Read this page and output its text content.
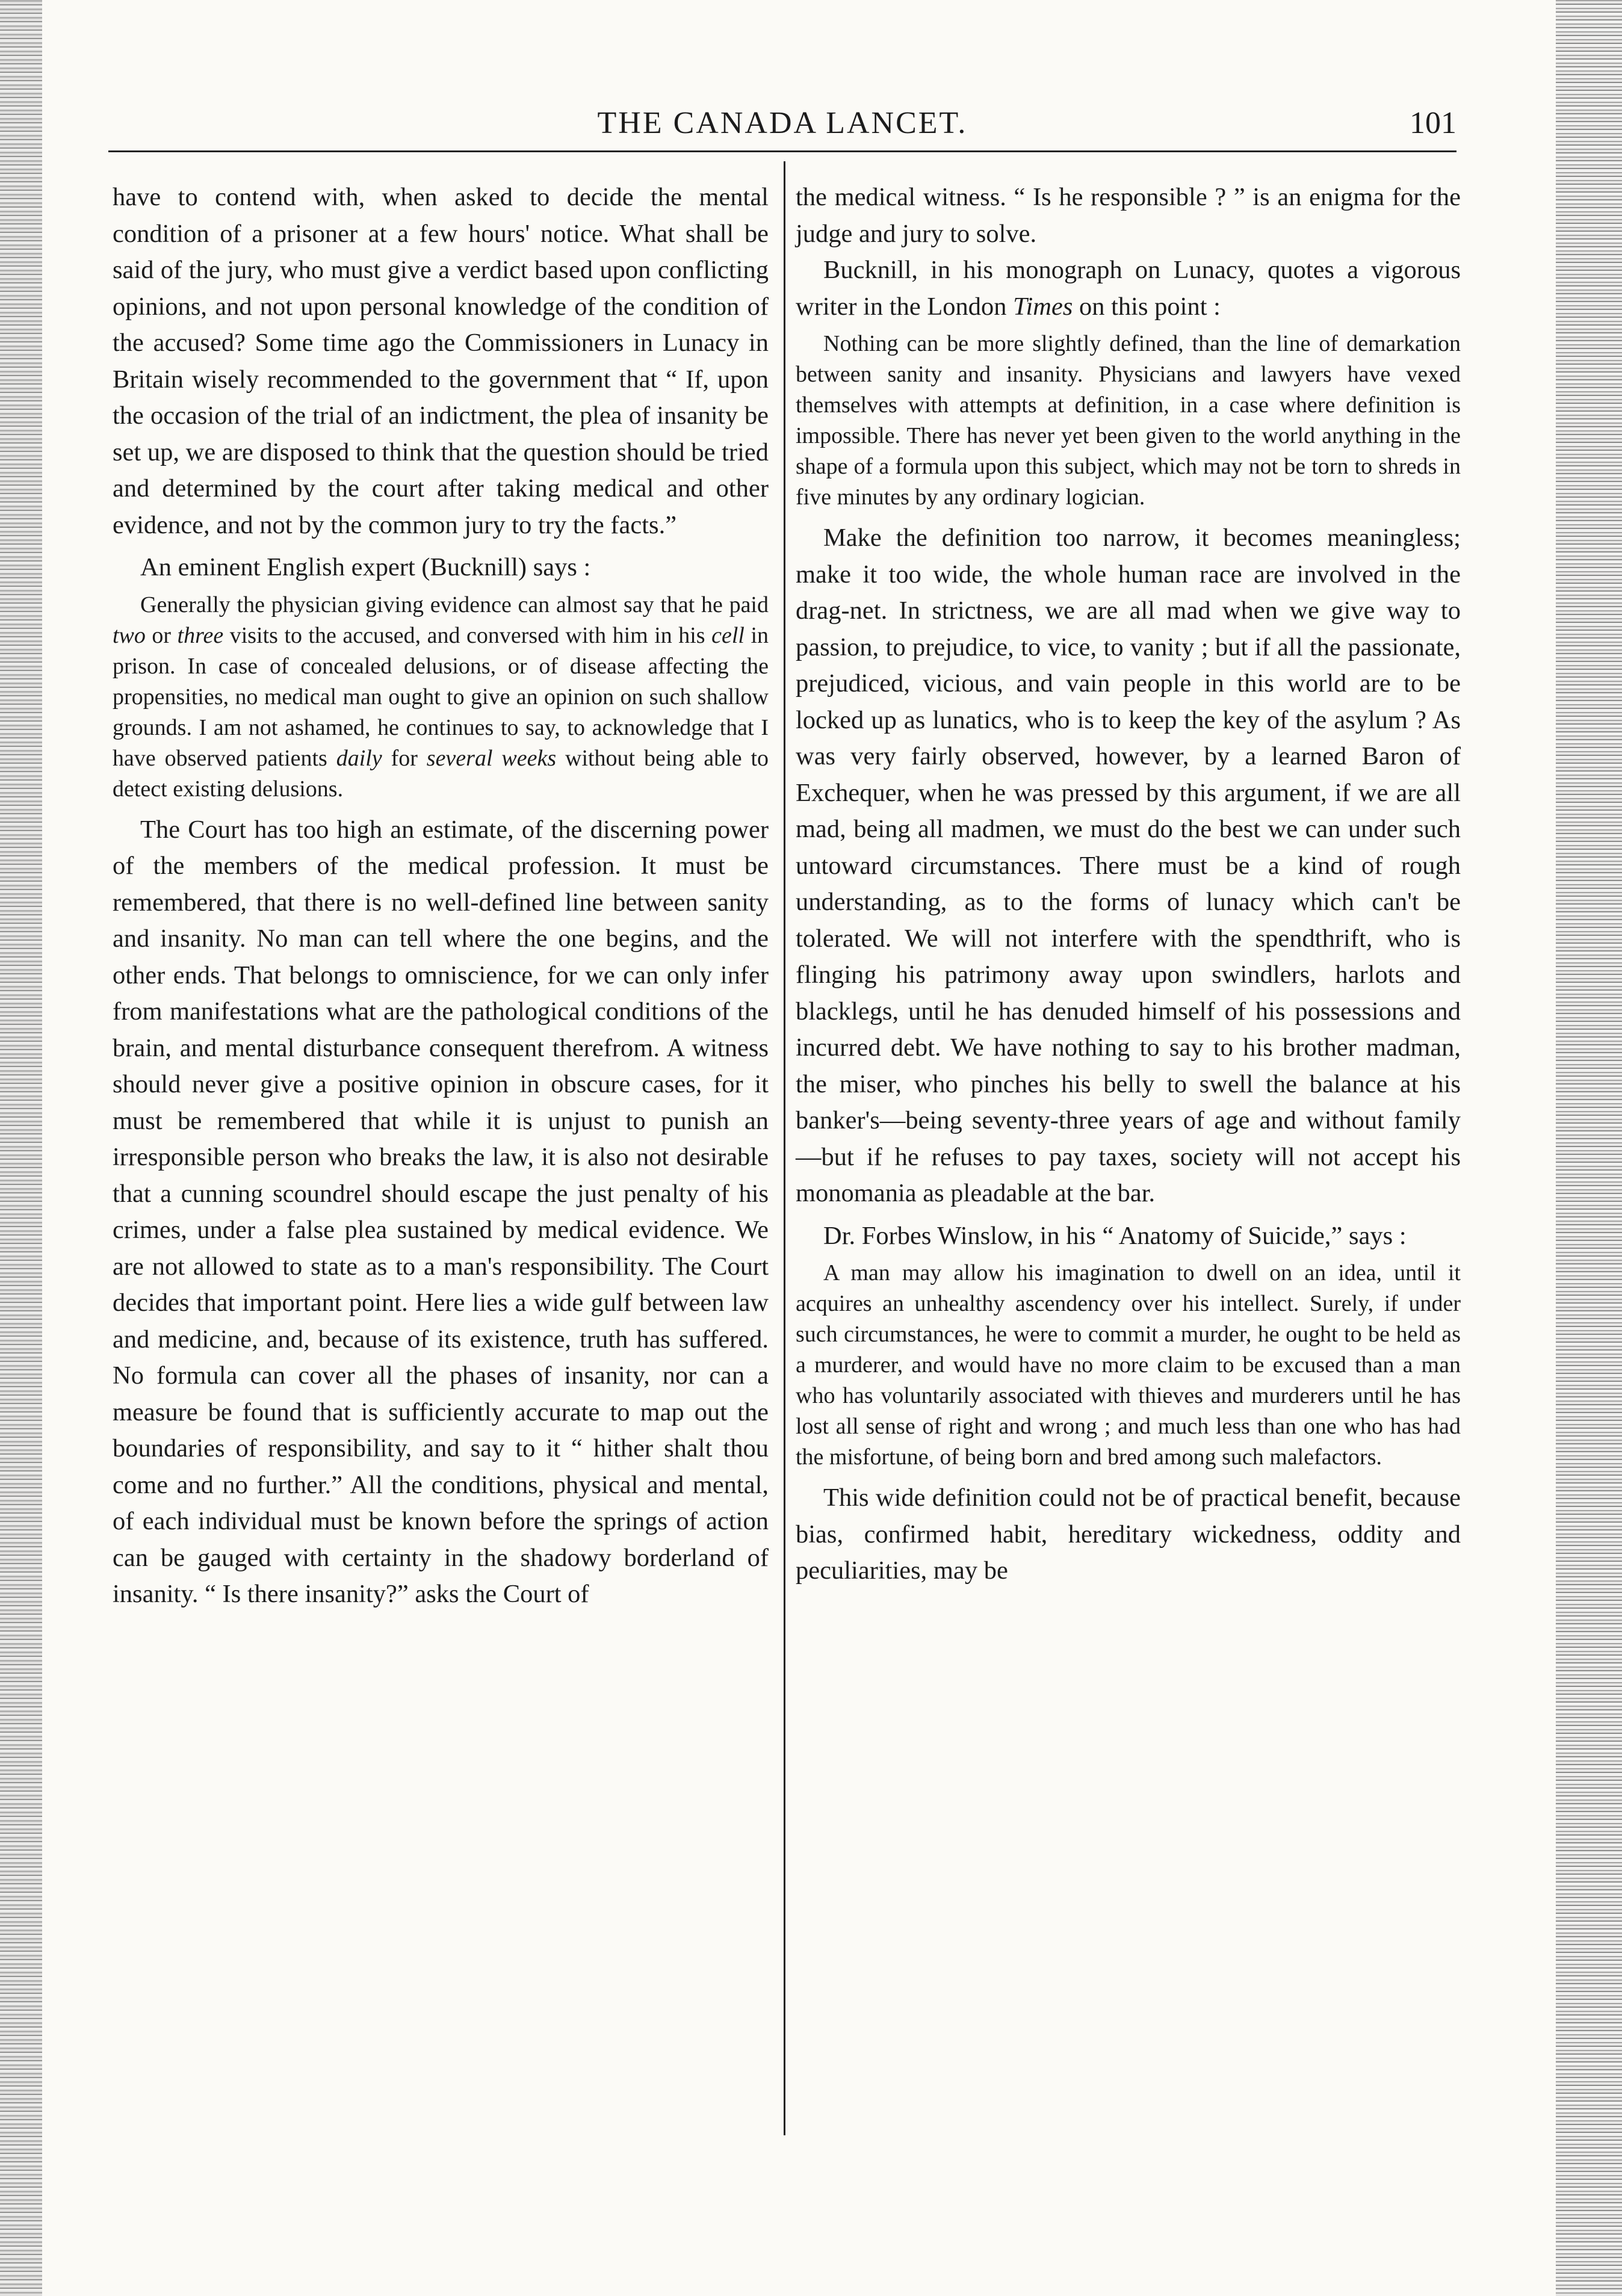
THE CANADA LANCET.	101

have to contend with, when asked to decide the mental condition of a prisoner at a few hours' notice. What shall be said of the jury, who must give a verdict based upon conflicting opinions, and not upon personal knowledge of the condition of the accused? Some time ago the Commissioners in Lunacy in Britain wisely recommended to the government that “ If, upon the occasion of the trial of an indictment, the plea of insanity be set up, we are disposed to think that the question should be tried and determined by the court after taking medical and other evidence, and not by the common jury to try the facts.”

An eminent English expert (Bucknill) says :

Generally the physician giving evidence can almost say that he paid two or three visits to the accused, and conversed with him in his cell in prison. In case of concealed delusions, or of disease affecting the propensities, no medical man ought to give an opinion on such shallow grounds. I am not ashamed, he continues to say, to acknowledge that I have observed patients daily for several weeks without being able to detect existing delusions.

The Court has too high an estimate, of the discerning power of the members of the medical profession. It must be remembered, that there is no well-defined line between sanity and insanity. No man can tell where the one begins, and the other ends. That belongs to omniscience, for we can only infer from manifestations what are the pathological conditions of the brain, and mental disturbance consequent therefrom. A witness should never give a positive opinion in obscure cases, for it must be remembered that while it is unjust to punish an irresponsible person who breaks the law, it is also not desirable that a cunning scoundrel should escape the just penalty of his crimes, under a false plea sustained by medical evidence. We are not allowed to state as to a man's responsibility. The Court decides that important point. Here lies a wide gulf between law and medicine, and, because of its existence, truth has suffered. No formula can cover all the phases of insanity, nor can a measure be found that is sufficiently accurate to map out the boundaries of responsibility, and say to it “ hither shalt thou come and no further.” All the conditions, physical and mental, of each individual must be known before the springs of action can be gauged with certainty in the shadowy borderland of insanity. “ Is there insanity?” asks the Court of

the medical witness. “ Is he responsible ? ” is an enigma for the judge and jury to solve.

Bucknill, in his monograph on Lunacy, quotes a vigorous writer in the London Times on this point :

Nothing can be more slightly defined, than the line of demarkation between sanity and insanity. Physicians and lawyers have vexed themselves with attempts at definition, in a case where definition is impossible. There has never yet been given to the world anything in the shape of a formula upon this subject, which may not be torn to shreds in five minutes by any ordinary logician.

Make the definition too narrow, it becomes meaningless; make it too wide, the whole human race are involved in the drag-net. In strictness, we are all mad when we give way to passion, to prejudice, to vice, to vanity ; but if all the passionate, prejudiced, vicious, and vain people in this world are to be locked up as lunatics, who is to keep the key of the asylum ? As was very fairly observed, however, by a learned Baron of Exchequer, when he was pressed by this argument, if we are all mad, being all madmen, we must do the best we can under such untoward circumstances. There must be a kind of rough understanding, as to the forms of lunacy which can't be tolerated. We will not interfere with the spendthrift, who is flinging his patrimony away upon swindlers, harlots and blacklegs, until he has denuded himself of his possessions and incurred debt. We have nothing to say to his brother madman, the miser, who pinches his belly to swell the balance at his banker's—being seventy-three years of age and without family—but if he refuses to pay taxes, society will not accept his monomania as pleadable at the bar.

Dr. Forbes Winslow, in his “ Anatomy of Suicide,” says :

A man may allow his imagination to dwell on an idea, until it acquires an unhealthy ascendency over his intellect. Surely, if under such circumstances, he were to commit a murder, he ought to be held as a murderer, and would have no more claim to be excused than a man who has voluntarily associated with thieves and murderers until he has lost all sense of right and wrong ; and much less than one who has had the misfortune, of being born and bred among such malefactors.

This wide definition could not be of practical benefit, because bias, confirmed habit, hereditary wickedness, oddity and peculiarities, may be
